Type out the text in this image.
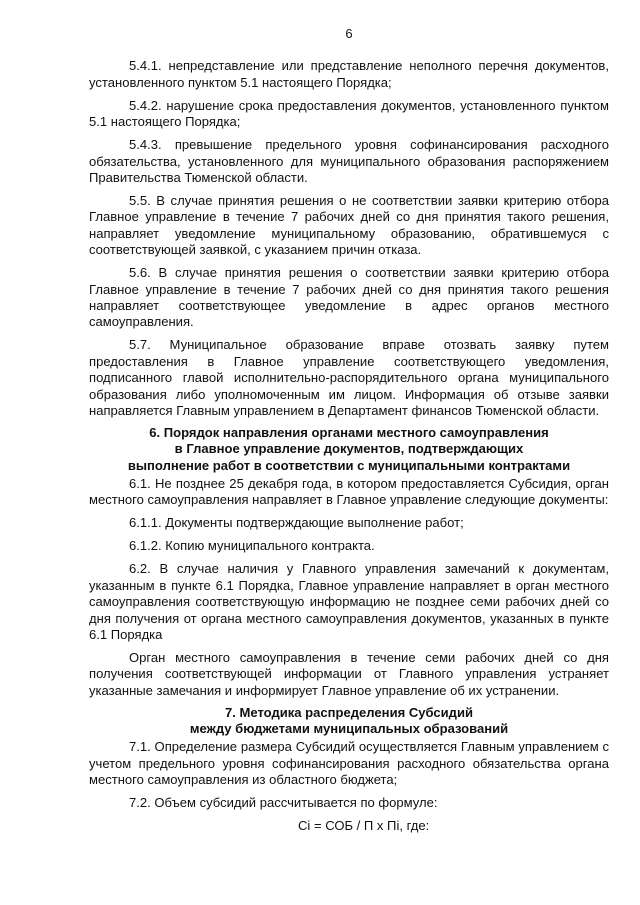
6

5.4.1. непредставление или представление неполного перечня документов, установленного пунктом 5.1 настоящего Порядка;

5.4.2. нарушение срока предоставления документов, установленного пунктом 5.1 настоящего Порядка;

5.4.3. превышение предельного уровня софинансирования расходного обязательства, установленного для муниципального образования распоряжением Правительства Тюменской области.

5.5. В случае принятия решения о не соответствии заявки критерию отбора Главное управление в течение 7 рабочих дней со дня принятия такого решения, направляет уведомление муниципальному образованию, обратившемуся с соответствующей заявкой, с указанием причин отказа.

5.6. В случае принятия решения о соответствии заявки критерию отбора Главное управление в течение 7 рабочих дней со дня принятия такого решения направляет соответствующее уведомление в адрес органов местного самоуправления.

5.7. Муниципальное образование вправе отозвать заявку путем предоставления в Главное управление соответствующего уведомления, подписанного главой исполнительно-распорядительного органа муниципального образования либо уполномоченным им лицом. Информация об отзыве заявки направляется Главным управлением в Департамент финансов Тюменской области.

6. Порядок направления органами местного самоуправления
в Главное управление документов, подтверждающих
выполнение работ в соответствии с муниципальными контрактами

6.1. Не позднее 25 декабря года, в котором предоставляется Субсидия, орган местного самоуправления направляет в Главное управление следующие документы:

6.1.1. Документы подтверждающие выполнение работ;

6.1.2. Копию муниципального контракта.

6.2. В случае наличия у Главного управления замечаний к документам, указанным в пункте 6.1 Порядка, Главное управление направляет в орган местного самоуправления соответствующую информацию не позднее семи рабочих дней со дня получения от органа местного самоуправления документов, указанных в пункте 6.1 Порядка

Орган местного самоуправления в течение семи рабочих дней со дня получения соответствующей информации от Главного управления устраняет указанные замечания и информирует Главное управление об их устранении.

7. Методика распределения Субсидий
между бюджетами муниципальных образований

7.1. Определение размера Субсидий осуществляется Главным управлением с учетом предельного уровня софинансирования расходного обязательства органа местного самоуправления из областного бюджета;

7.2. Объем субсидий рассчитывается по формуле:

Ci = СОБ / П х Пi, где:
